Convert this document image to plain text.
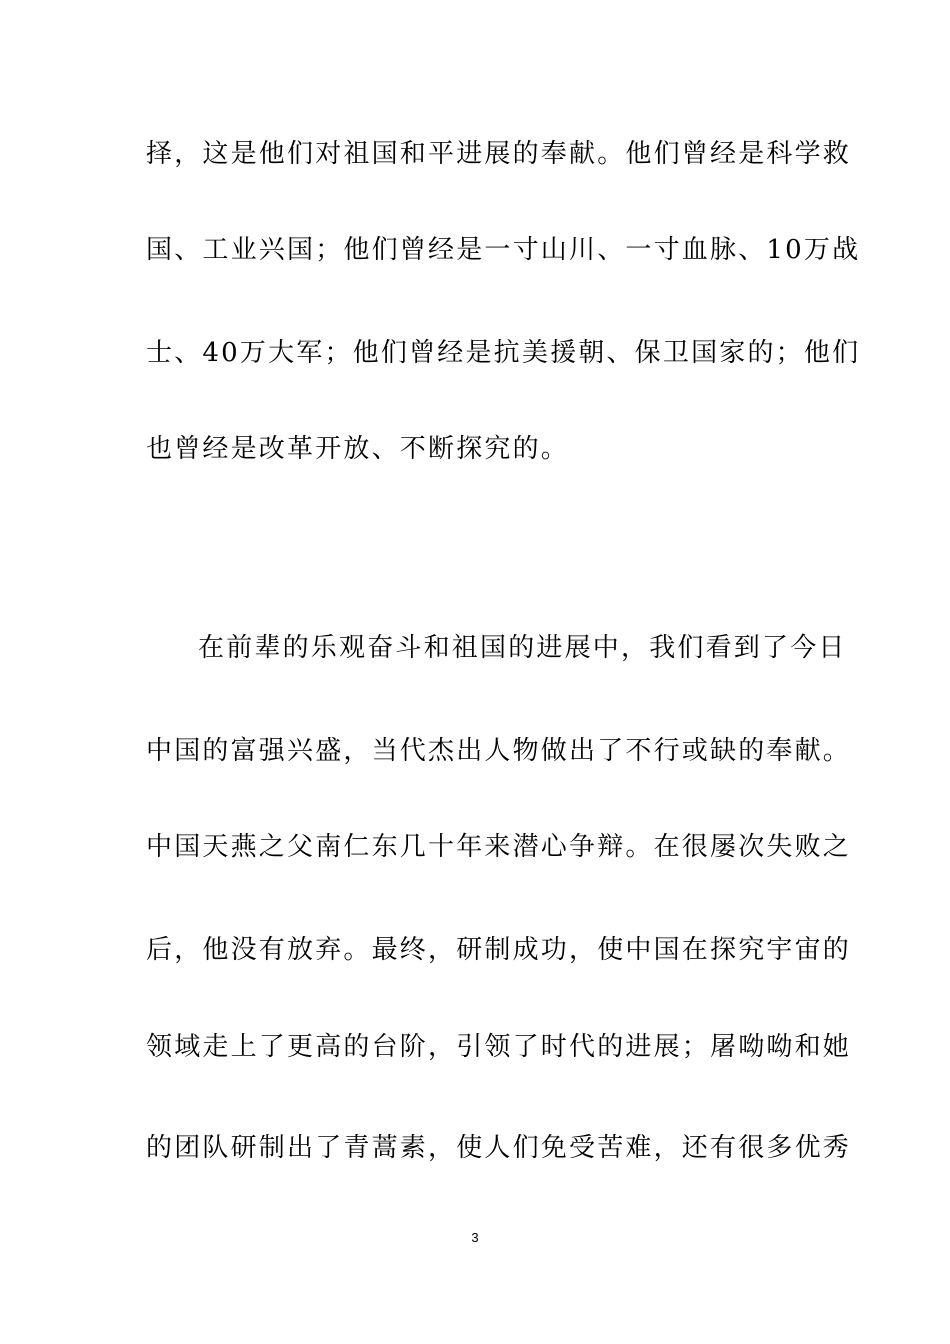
择，这是他们对祖国和平进展的奉献。他们曾经是科学救
国、工业兴国；他们曾经是一寸山川、一寸血脉、10万战
士、40万大军；他们曾经是抗美援朝、保卫国家的；他们
也曾经是改革开放、不断探究的。
在前辈的乐观奋斗和祖国的进展中，我们看到了今日
中国的富强兴盛，当代杰出人物做出了不行或缺的奉献。
中国天燕之父南仁东几十年来潜心争辩。在很屡次失败之
后，他没有放弃。最终，研制成功，使中国在探究宇宙的
领域走上了更高的台阶，引领了时代的进展；屠呦呦和她
的团队研制出了青蒿素，使人们免受苦难，还有很多优秀
3
